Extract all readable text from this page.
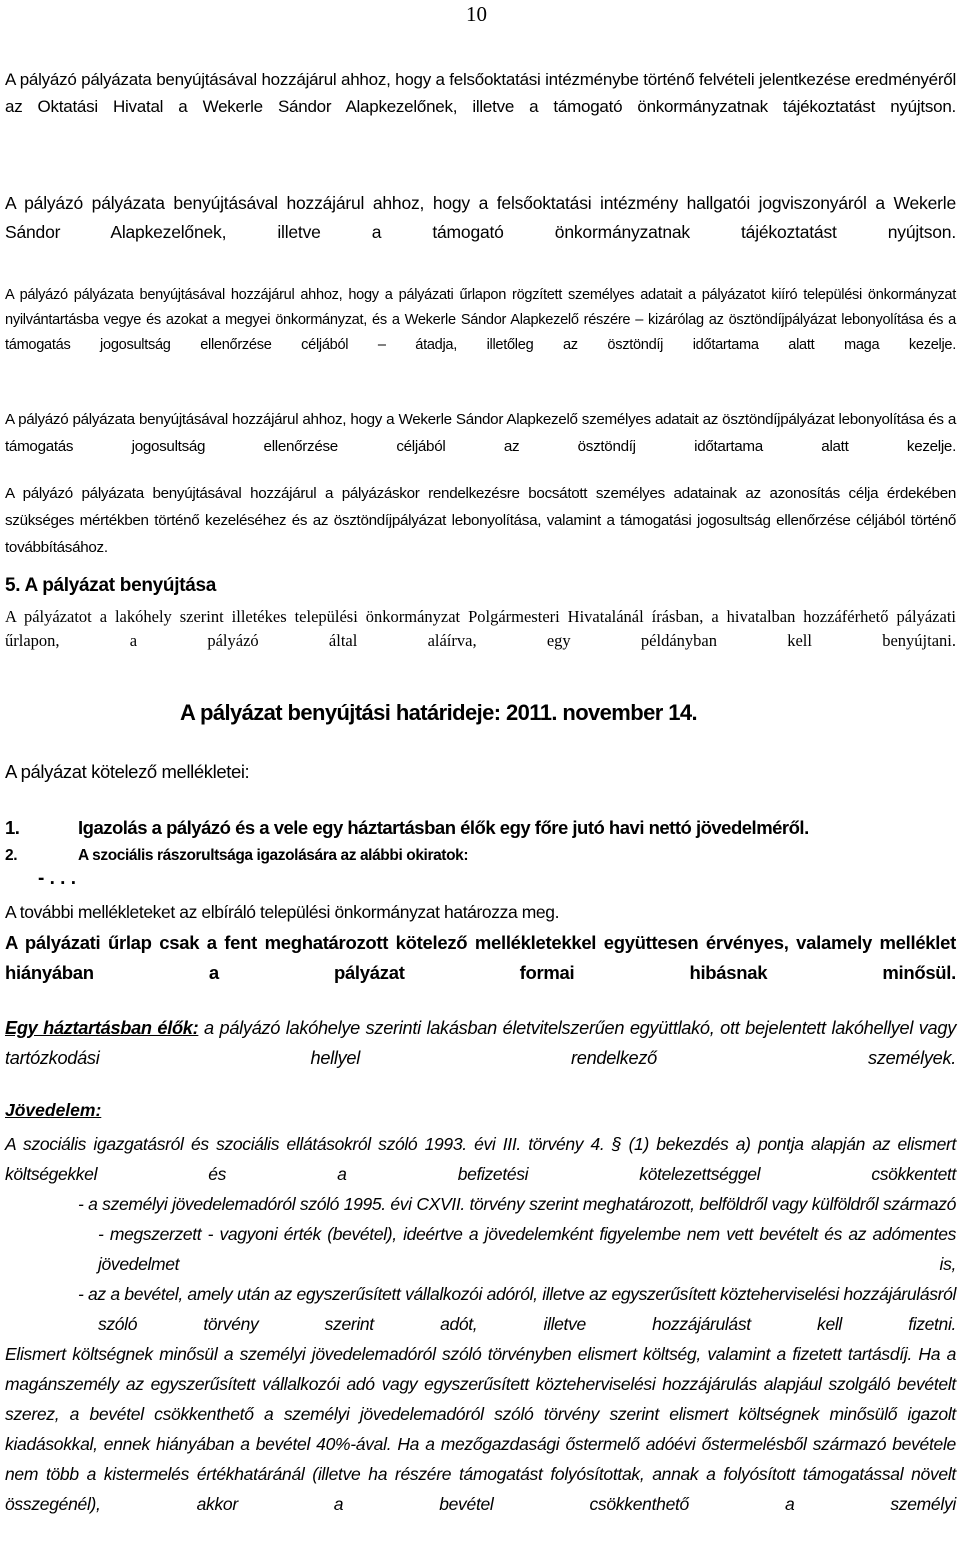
10

A pályázó pályázata benyújtásával hozzájárul ahhoz, hogy a felsőoktatási intézménybe történő felvételi jelentkezése eredményéről az Oktatási Hivatal a Wekerle Sándor Alapkezelőnek, illetve a támogató önkormányzatnak tájékoztatást nyújtson.

A pályázó pályázata benyújtásával hozzájárul ahhoz, hogy a felsőoktatási intézmény hallgatói jogviszonyáról a Wekerle Sándor Alapkezelőnek, illetve a támogató önkormányzatnak tájékoztatást nyújtson.

A pályázó pályázata benyújtásával hozzájárul ahhoz, hogy a pályázati űrlapon rögzített személyes adatait a pályázatot kiíró települési önkormányzat nyilvántartásba vegye és azokat a megyei önkormányzat, és a Wekerle Sándor Alapkezelő részére – kizárólag az ösztöndíjpályázat lebonyolítása és a támogatás jogosultság ellenőrzése céljából – átadja, illetőleg az ösztöndíj időtartama alatt maga kezelje.

A pályázó pályázata benyújtásával hozzájárul ahhoz, hogy a Wekerle Sándor Alapkezelő személyes adatait az ösztöndíjpályázat lebonyolítása és a támogatás jogosultság ellenőrzése céljából az ösztöndíj időtartama alatt kezelje.

A pályázó pályázata benyújtásával hozzájárul a pályázáskor rendelkezésre bocsátott személyes adatainak az azonosítás célja érdekében szükséges mértékben történő kezeléséhez és az ösztöndíjpályázat lebonyolítása, valamint a támogatási jogosultság ellenőrzése céljából történő továbbításához.

5. A pályázat benyújtása

A pályázatot a lakóhely szerint illetékes települési önkormányzat Polgármesteri Hivatalánál írásban, a hivatalban hozzáférhető pályázati űrlapon, a pályázó által aláírva, egy példányban kell benyújtani.

A pályázat benyújtási határideje: 2011. november 14.
A pályázat kötelező mellékletei:
1.	Igazolás a pályázó és a vele egy háztartásban élők egy főre jutó havi nettó jövedelméről.
2.	A szociális rászorultsága igazolására az alábbi okiratok:
- . . .
A további mellékleteket az elbíráló települési önkormányzat határozza meg.

A pályázati űrlap csak a fent meghatározott kötelező mellékletekkel együttesen érvényes, valamely melléklet hiányában a pályázat formai hibásnak minősül.

Egy háztartásban élők: a pályázó lakóhelye szerinti lakásban életvitelszerűen együttlakó, ott bejelentett lakóhellyel vagy tartózkodási hellyel rendelkező személyek.

Jövedelem:

A szociális igazgatásról és szociális ellátásokról szóló 1993. évi III. törvény 4. § (1) bekezdés a) pontja alapján az elismert költségekkel és a befizetési kötelezettséggel csökkentett

- a személyi jövedelemadóról szóló 1995. évi CXVII. törvény szerint meghatározott, belföldről vagy külföldről származó - megszerzett - vagyoni érték (bevétel), ideértve a jövedelemként figyelembe nem vett bevételt és az adómentes jövedelmet is,

- az a bevétel, amely után az egyszerűsített vállalkozói adóról, illetve az egyszerűsített közteherviselési hozzájárulásról szóló törvény szerint adót, illetve hozzájárulást kell fizetni.

Elismert költségnek minősül a személyi jövedelemadóról szóló törvényben elismert költség, valamint a fizetett tartásdíj. Ha a magánszemély az egyszerűsített vállalkozói adó vagy egyszerűsített közteherviselési hozzájárulás alapjául szolgáló bevételt szerez, a bevétel csökkenthető a személyi jövedelemadóról szóló törvény szerint elismert költségnek minősülő igazolt kiadásokkal, ennek hiányában a bevétel 40%-ával. Ha a mezőgazdasági őstermelő adóévi őstermelésből származó bevétele nem több a kistermelés értékhatáránál (illetve ha részére támogatást folyósítottak, annak a folyósított támogatással növelt összegénél), akkor a bevétel csökkenthető a személyi
